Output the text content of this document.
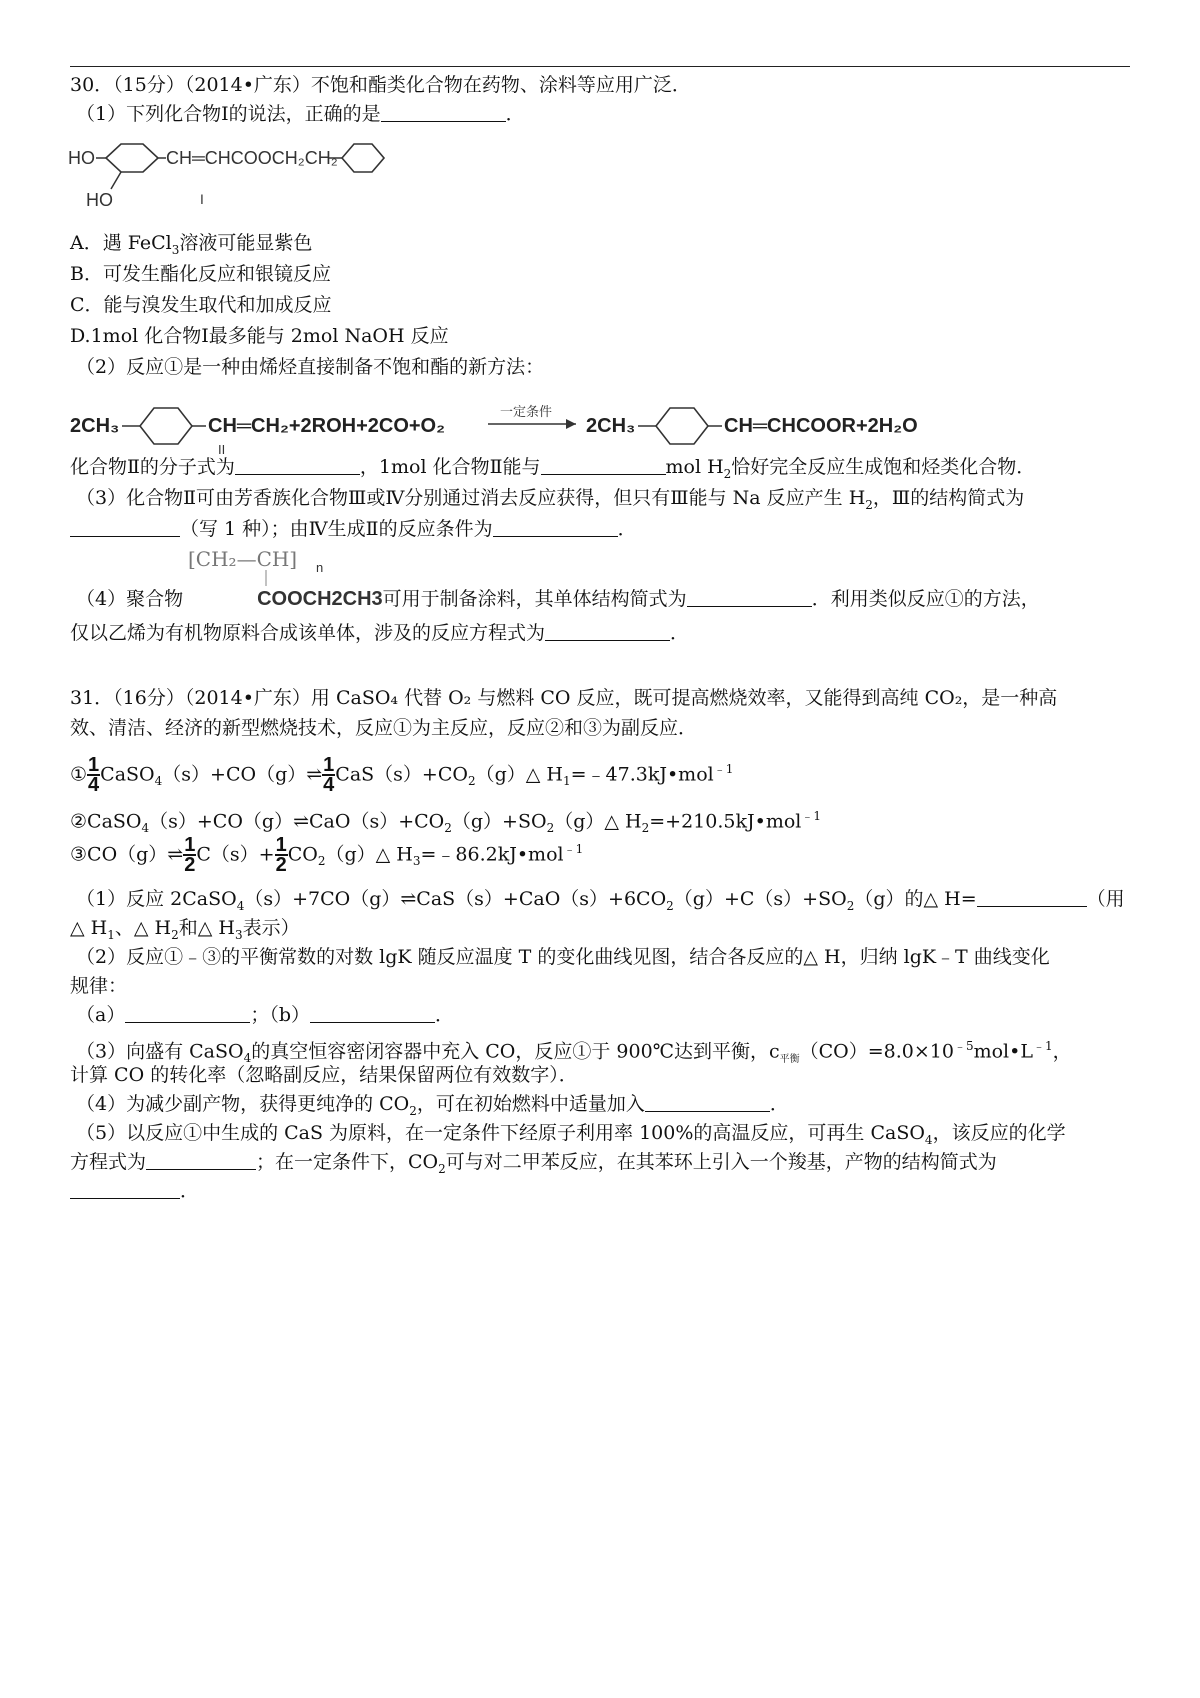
30．（15分）（2014•广东）不饱和酯类化合物在药物、涂料等应用广泛．
（1）下列化合物Ⅰ的说法，正确的是	．
HO
HO
CH═CHCOOCH₂CH₂
Ⅰ
A．遇 FeCl$_3$溶液可能显紫色
B．可发生酯化反应和银镜反应
C．能与溴发生取代和加成反应
D.1mol 化合物Ⅰ最多能与 2mol NaOH 反应
（2）反应①是一种由烯烃直接制备不饱和酯的新方法：
2CH₃	CH═CH₂+2ROH+2CO+O₂
II
一定条件
2CH₃	CH═CHCOOR+2H₂O
化合物Ⅱ的分子式为	，1mol 化合物Ⅱ能与	mol $H_2$恰好完全反应生成饱和烃类化合物．
（3）化合物Ⅱ可由芳香族化合物Ⅲ或Ⅳ分别通过消去反应获得，但只有Ⅲ能与 Na 反应产生 $H_2$，Ⅲ的结构简式为
（写 1 种）；由Ⅳ生成Ⅱ的反应条件为	．
[CH₂—CH] n
（4）聚合物	COOCH2CH3可用于制备涂料，其单体结构简式为	．利用类似反应①的方法，
仅以乙烯为有机物原料合成该单体，涉及的反应方程式为	．
31．（16分）（2014•广东）用 CaSO₄ 代替 O₂ 与燃料 CO 反应，既可提高燃烧效率，又能得到高纯 CO₂，是一种高
效、清洁、经济的新型燃烧技术，反应①为主反应，反应②和③为副反应．
① $\frac{1}{4}$ CaSO$_4$（s）+CO（g）⇌ $\frac{1}{4}$ $CaS(s)+CO_2(g)\triangle$ $H_1=﹣47.3kJ•mol^{﹣1}$
$②CaSO_4(s)+CO(g)\rightleftharpoons CaO(s)+CO_2(g)+SO_2(g)\triangle$ $H_2=+210.5kJ•mol^{﹣1}$
③CO（g）⇌ $\frac{1}{2} C(s)+ \frac{1}{2}$ $CO_2(g)\triangle$ $H_3=﹣86.2kJ•mol^{﹣1}$
（1）反应 $2CaSO_4(s)+7CO(g)\rightleftharpoons CaS(s)+CaO(s)+6CO_2(g)+C(s)+SO_2(g)$的△ H=	（用
△ $H_1$、△ $H_2$和△ $H_3$表示）
（2）反应①﹣③的平衡常数的对数 lgK 随反应温度 T 的变化曲线见图，结合各反应的△ H，归纳 lgK﹣T 曲线变化
规律：
（a）	；（b）	．
（3）向盛有 CaSO$_4$的真空恒容密闭容器中充入 CO，反应①于 900℃达到平衡，$c_{平衡}(CO)=8.0\times 10^{﹣5}mol•L^{﹣1}$，
计算 CO 的转化率（忽略副反应，结果保留两位有效数字）．
（4）为减少副产物，获得更纯净的 $CO_2$，可在初始燃料中适量加入	．
（5）以反应①中生成的 CaS 为原料，在一定条件下经原子利用率 100%的高温反应，可再生 CaSO$_4$，该反应的化学
方程式为	；在一定条件下，$CO_2$可与对二甲苯反应，在其苯环上引入一个羧基，产物的结构简式为
．
